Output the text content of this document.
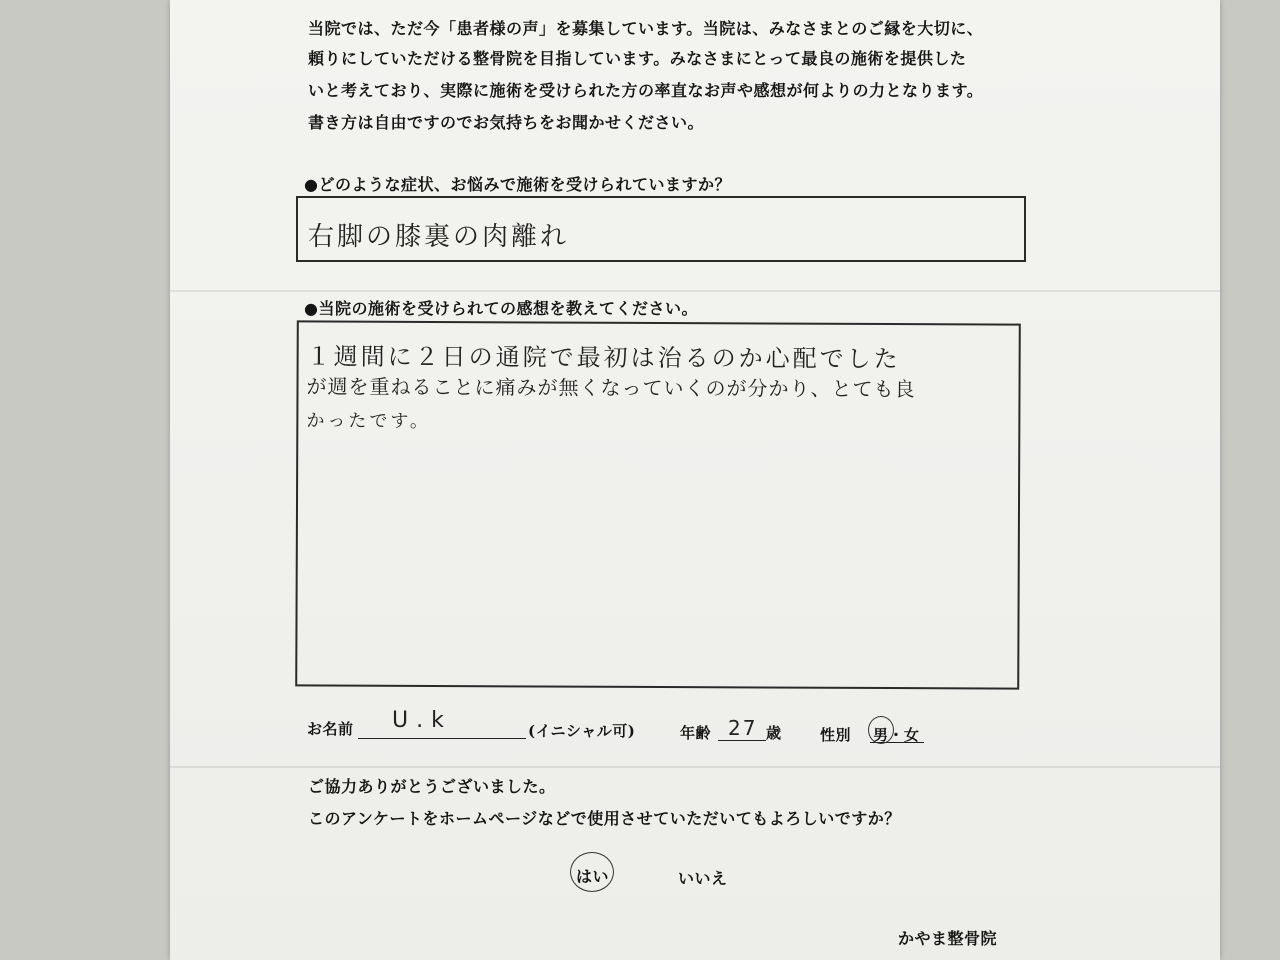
当院では、ただ今「患者様の声」を募集しています。当院は、みなさまとのご縁を大切に、
頼りにしていただける整骨院を目指しています。みなさまにとって最良の施術を提供した
いと考えており、実際に施術を受けられた方の率直なお声や感想が何よりの力となります。
書き方は自由ですのでお気持ちをお聞かせください。
●どのような症状、お悩みで施術を受けられていますか？
右脚の膝裏の肉離れ
●当院の施術を受けられての感想を教えてください。
１週間に２日の通院で最初は治るのか心配でした
が週を重ねることに痛みが無くなっていくのが分かり、とても良
かったです。
お名前 U.k	(イニシャル可)	年齢 27 歳	性別 男・女
ご協力ありがとうございました。
このアンケートをホームページなどで使用させていただいてもよろしいですか？
はい	いいえ
かやま整骨院
